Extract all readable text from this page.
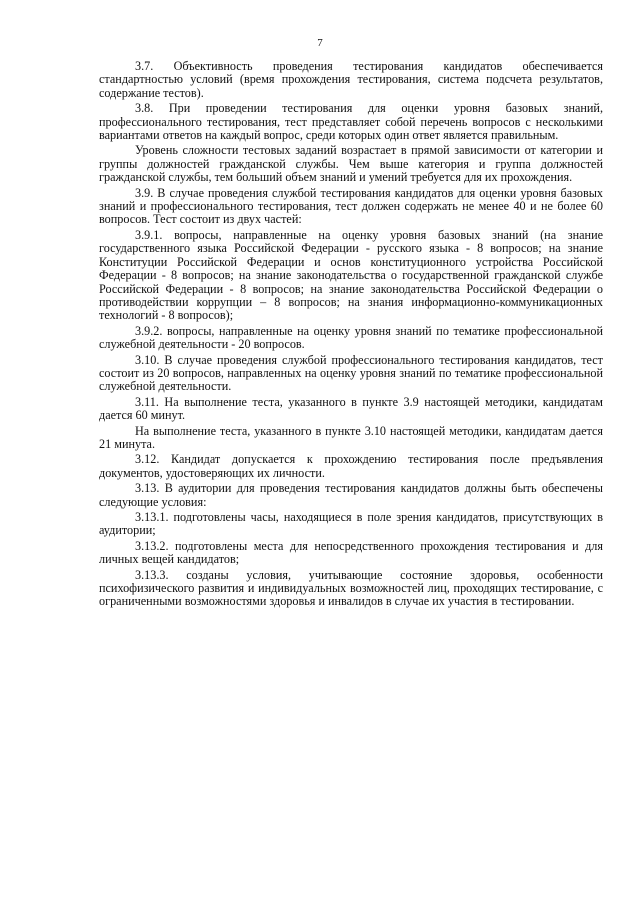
7

3.7. Объективность проведения тестирования кандидатов обеспечивается стандартностью условий (время прохождения тестирования, система подсчета результатов, содержание тестов).

3.8. При проведении тестирования для оценки уровня базовых знаний, профессионального тестирования, тест представляет собой перечень вопросов с несколькими вариантами ответов на каждый вопрос, среди которых один ответ является правильным.

Уровень сложности тестовых заданий возрастает в прямой зависимости от категории и группы должностей гражданской службы. Чем выше категория и группа должностей гражданской службы, тем больший объем знаний и умений требуется для их прохождения.

3.9. В случае проведения службой тестирования кандидатов для оценки уровня базовых знаний и профессионального тестирования, тест должен содержать не менее 40 и не более 60 вопросов. Тест состоит из двух частей:

3.9.1. вопросы, направленные на оценку уровня базовых знаний (на знание государственного языка Российской Федерации - русского языка - 8 вопросов; на знание Конституции Российской Федерации и основ конституционного устройства Российской Федерации - 8 вопросов; на знание законодательства о государственной гражданской службе Российской Федерации - 8 вопросов; на знание законодательства Российской Федерации о противодействии коррупции – 8 вопросов; на знания информационно-коммуникационных технологий - 8 вопросов);

3.9.2. вопросы, направленные на оценку уровня знаний по тематике профессиональной служебной деятельности - 20 вопросов.

3.10. В случае проведения службой профессионального тестирования кандидатов, тест состоит из 20 вопросов, направленных на оценку уровня знаний по тематике профессиональной служебной деятельности.

3.11. На выполнение теста, указанного в пункте 3.9 настоящей методики, кандидатам дается 60 минут.

На выполнение теста, указанного в пункте 3.10 настоящей методики, кандидатам дается 21 минута.

3.12. Кандидат допускается к прохождению тестирования после предъявления документов, удостоверяющих их личности.

3.13. В аудитории для проведения тестирования кандидатов должны быть обеспечены следующие условия:

3.13.1. подготовлены часы, находящиеся в поле зрения кандидатов, присутствующих в аудитории;

3.13.2. подготовлены места для непосредственного прохождения тестирования и для личных вещей кандидатов;

3.13.3. созданы условия, учитывающие состояние здоровья, особенности психофизического развития и индивидуальных возможностей лиц, проходящих тестирование, с ограниченными возможностями здоровья и инвалидов в случае их участия в тестировании.
